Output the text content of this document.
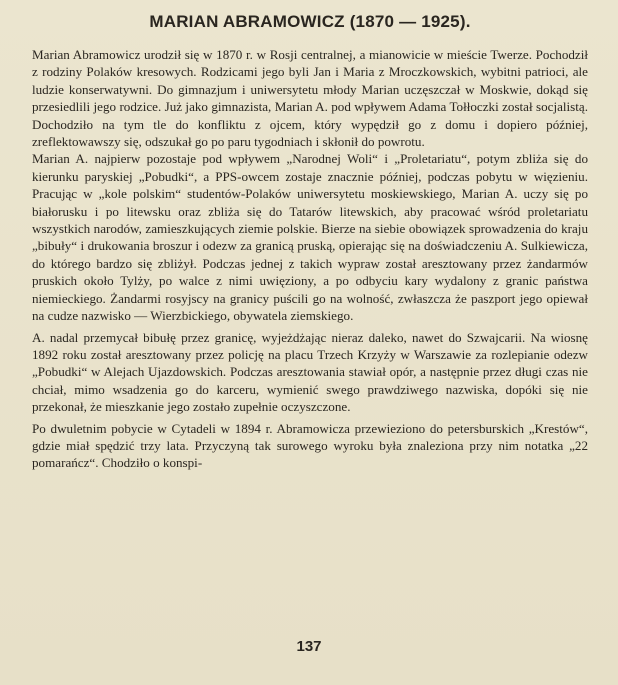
MARIAN ABRAMOWICZ (1870 — 1925).

Marian Abramowicz urodził się w 1870 r. w Rosji centralnej, a mianowicie w mieście Twerze. Pochodził z rodziny Polaków kresowych. Rodzicami jego byli Jan i Maria z Mroczkowskich, wybitni patrioci, ale ludzie konserwatywni. Do gimnazjum i uniwersytetu młody Marian uczęszczał w Moskwie, dokąd się przesiedlili jego rodzice. Już jako gimnazista, Marian A. pod wpływem Adama Tołłoczki został socjalistą. Dochodziło na tym tle do konfliktu z ojcem, który wypędził go z domu i dopiero później, zreflektowawszy się, odszukał go po paru tygodniach i skłonił do powrotu.

Marian A. najpierw pozostaje pod wpływem „Narodnej Woli“ i „Proletariatu“, potym zbliża się do kierunku paryskiej „Pobudki“, a PPS-owcem zostaje znacznie później, podczas pobytu w więzieniu. Pracując w „kole polskim“ studentów-Polaków uniwersytetu moskiewskiego, Marian A. uczy się po białorusku i po litewsku oraz zbliża się do Tatarów litewskich, aby pracować wśród proletariatu wszystkich narodów, zamieszkujących ziemie polskie. Bierze na siebie obowiązek sprowadzenia do kraju „bibuły“ i drukowania broszur i odezw za granicą pruską, opierając się na doświadczeniu A. Sulkiewicza, do którego bardzo się zbliżył. Podczas jednej z takich wypraw został aresztowany przez żandarmów pruskich około Tylży, po walce z nimi uwięziony, a po odbyciu kary wydalony z granic państwa niemieckiego. Żandarmi rosyjscy na granicy puścili go na wolność, zwłaszcza że paszport jego opiewał na cudze nazwisko — Wierzbickiego, obywatela ziemskiego.

A. nadal przemycał bibułę przez granicę, wyjeżdżając nieraz daleko, nawet do Szwajcarii. Na wiosnę 1892 roku został aresztowany przez policję na placu Trzech Krzyży w Warszawie za rozlepianie odezw „Pobudki“ w Alejach Ujazdowskich. Podczas aresztowania stawiał opór, a następnie przez długi czas nie chciał, mimo wsadzenia go do karceru, wymienić swego prawdziwego nazwiska, dopóki się nie przekonał, że mieszkanie jego zostało zupełnie oczyszczone.

Po dwuletnim pobycie w Cytadeli w 1894 r. Abramowicza przewieziono do petersburskich „Krestów“, gdzie miał spędzić trzy lata. Przyczyną tak surowego wyroku była znaleziona przy nim notatka „22 pomarańcz“. Chodziło o konspi-

137
